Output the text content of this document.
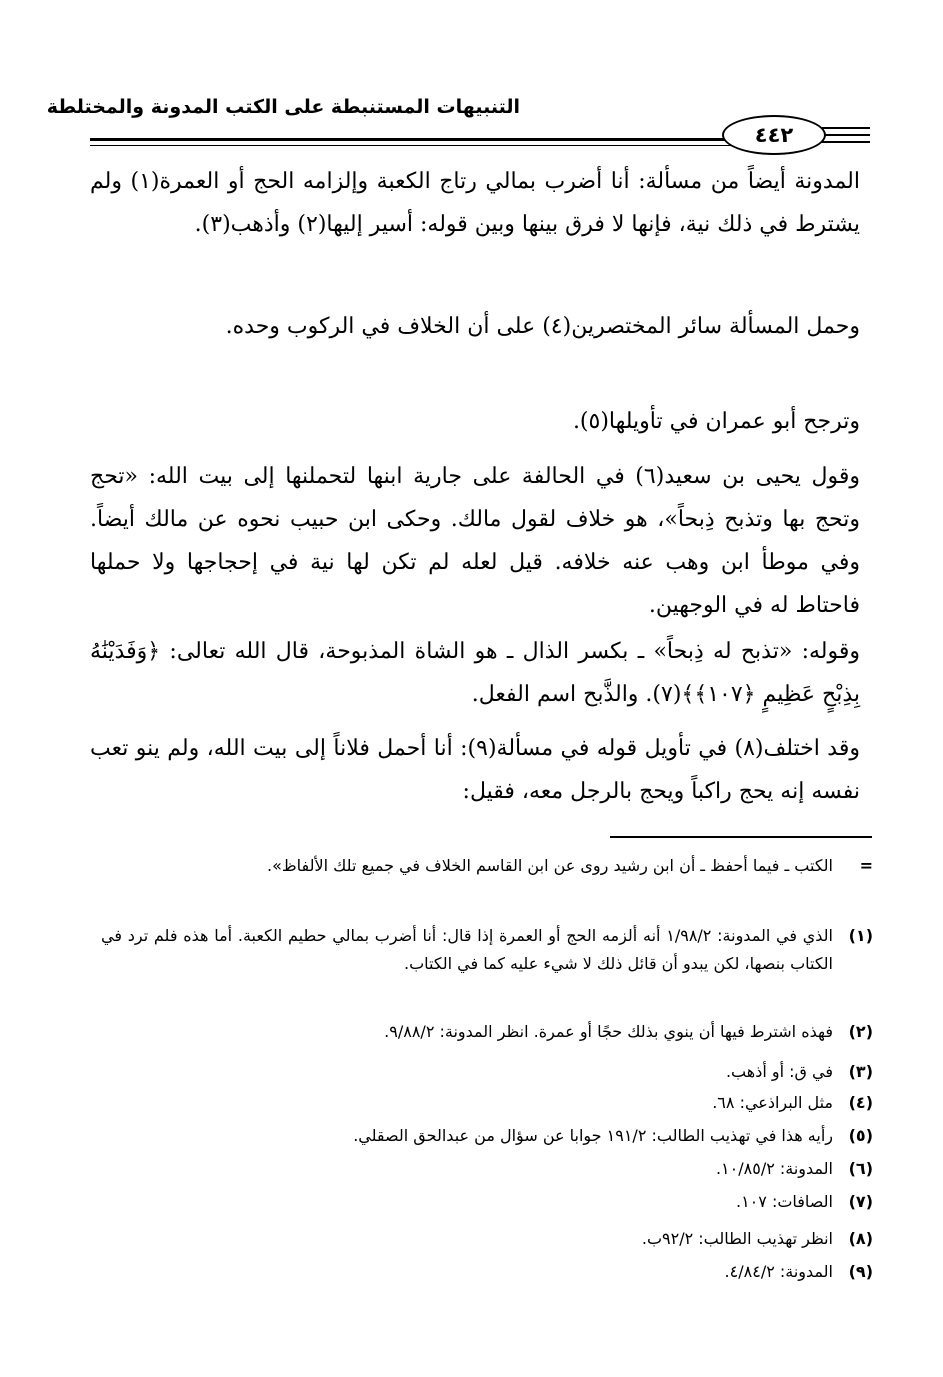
التنبيهات المستنبطة على الكتب المدونة والمختلطة
٤٤٢

المدونة أيضاً من مسألة: أنا أضرب بمالي رتاج الكعبة وإلزامه الحج أو العمرة(١) ولم يشترط في ذلك نية، فإنها لا فرق بينها وبين قوله: أسير إليها(٢) وأذهب(٣).

وحمل المسألة سائر المختصرين(٤) على أن الخلاف في الركوب وحده.

وترجح أبو عمران في تأويلها(٥).

وقول يحيى بن سعيد(٦) في الحالفة على جارية ابنها لتحملنها إلى بيت الله: «تحج وتحج بها وتذبح ذِبحاً»، هو خلاف لقول مالك. وحكى ابن حبيب نحوه عن مالك أيضاً. وفي موطأ ابن وهب عنه خلافه. قيل لعله لم تكن لها نية في إحجاجها ولا حملها فاحتاط له في الوجهين.

وقوله: «تذبح له ذِبحاً» ـ بكسر الذال ـ هو الشاة المذبوحة، قال الله تعالى: ﴿وَفَدَيْنَٰهُ بِذِبْحٍ عَظِيمٍ ﴿١٠٧﴾﴾(٧). والذَّبح اسم الفعل.

وقد اختلف(٨) في تأويل قوله في مسألة(٩): أنا أحمل فلاناً إلى بيت الله، ولم ينو تعب نفسه إنه يحج راكباً ويحج بالرجل معه، فقيل:

=
الكتب ـ فيما أحفظ ـ أن ابن رشيد روى عن ابن القاسم الخلاف في جميع تلك الألفاظ».
(١)
الذي في المدونة: ١/٩٨/٢ أنه ألزمه الحج أو العمرة إذا قال: أنا أضرب بمالي حطيم الكعبة. أما هذه فلم ترد في الكتاب بنصها، لكن يبدو أن قائل ذلك لا شيء عليه كما في الكتاب.
(٢)
فهذه اشترط فيها أن ينوي بذلك حجًا أو عمرة. انظر المدونة: ٩/٨٨/٢.
(٣)
في ق: أو أذهب.
(٤)
مثل البراذعي: ٦٨.
(٥)
رأيه هذا في تهذيب الطالب: ١٩١/٢ جوابا عن سؤال من عبدالحق الصقلي.
(٦)
المدونة: ١٠/٨٥/٢.
(٧)
الصافات: ١٠٧.
(٨)
انظر تهذيب الطالب: ٩٢/٢ب.
(٩)
المدونة: ٤/٨٤/٢.
